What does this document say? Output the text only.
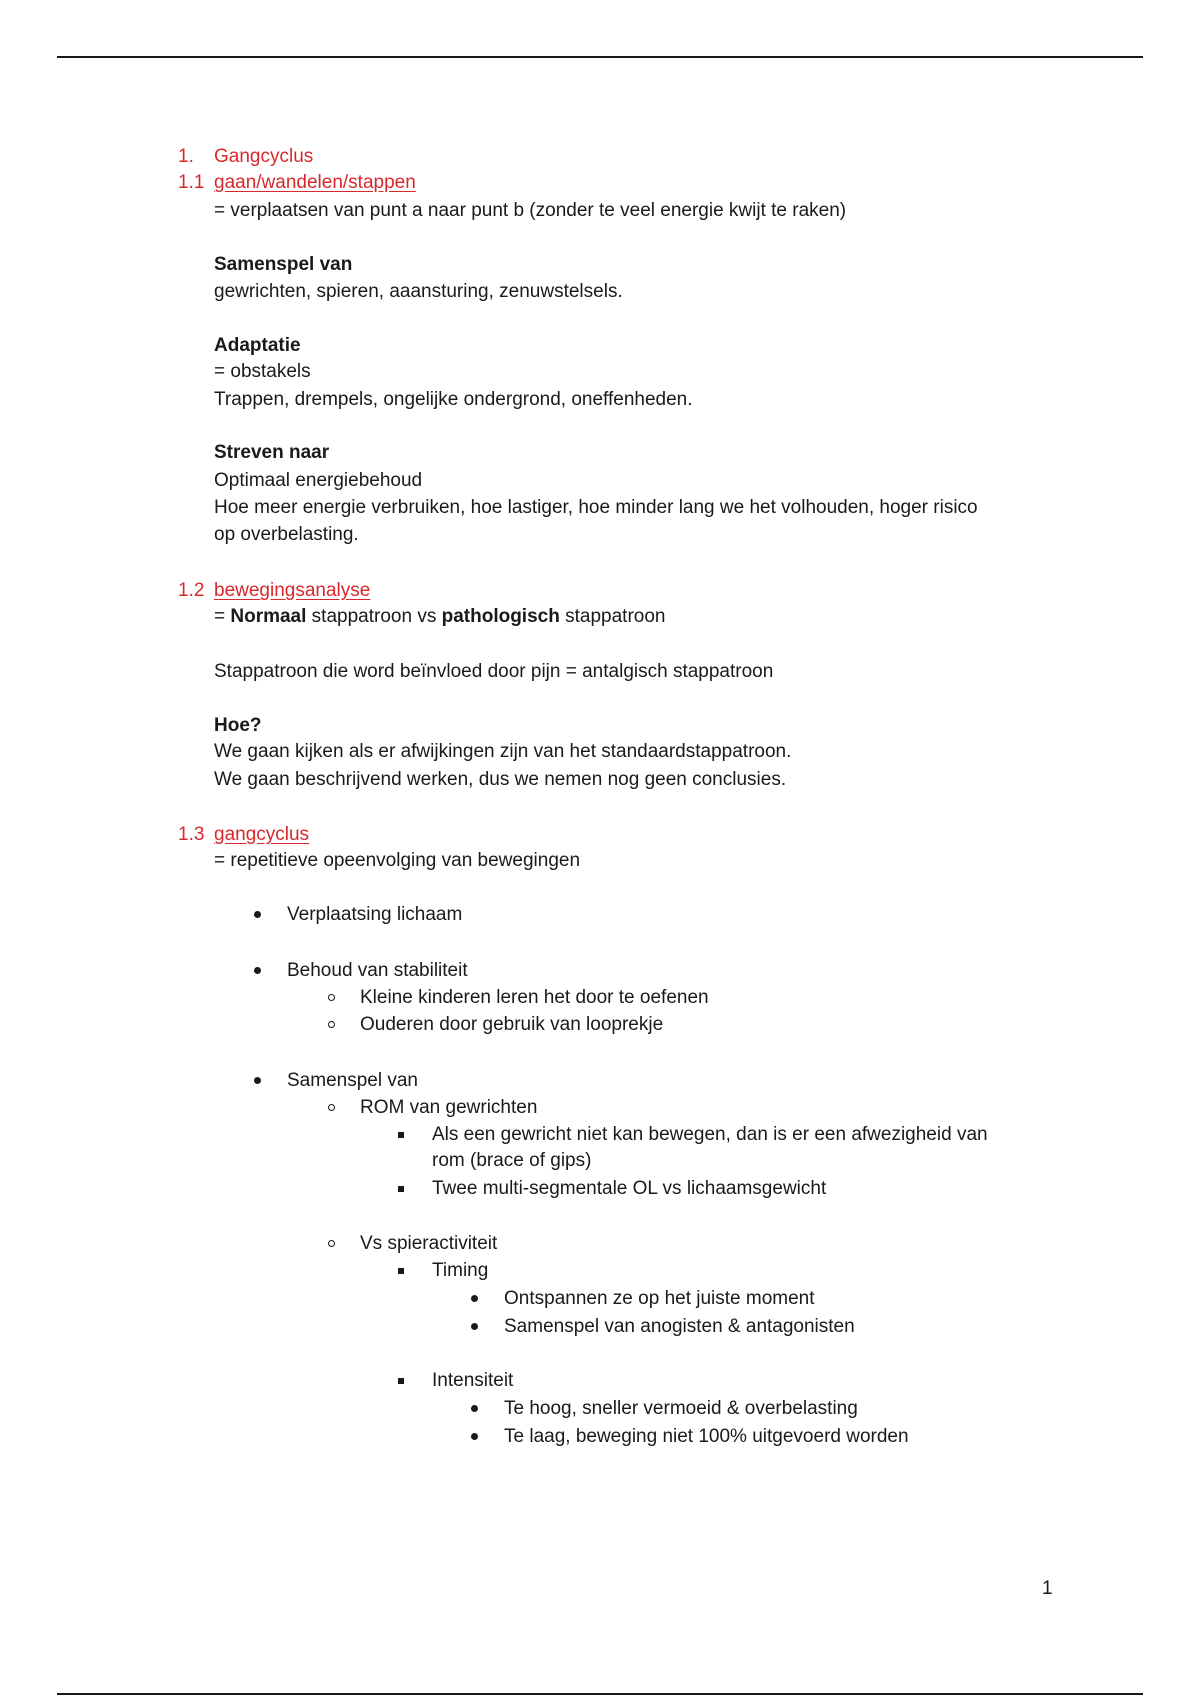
1. Gangcyclus
1.1 gaan/wandelen/stappen
= verplaatsen van punt a naar punt b (zonder te veel energie kwijt te raken)
Samenspel van
gewrichten, spieren, aaansturing, zenuwstelsels.
Adaptatie
= obstakels
Trappen, drempels, ongelijke ondergrond, oneffenheden.
Streven naar
Optimaal energiebehoud
Hoe meer energie verbruiken, hoe lastiger, hoe minder lang we het volhouden, hoger risico
op overbelasting.
1.2 bewegingsanalyse
= Normaal stappatroon vs pathologisch stappatroon
Stappatroon die word beïnvloed door pijn = antalgisch stappatroon
Hoe?
We gaan kijken als er afwijkingen zijn van het standaardstappatroon.
We gaan beschrijvend werken, dus we nemen nog geen conclusies.
1.3 gangcyclus
= repetitieve opeenvolging van bewegingen
Verplaatsing lichaam
Behoud van stabiliteit
Kleine kinderen leren het door te oefenen
Ouderen door gebruik van looprekje
Samenspel van
ROM van gewrichten
Als een gewricht niet kan bewegen, dan is er een afwezigheid van
rom (brace of gips)
Twee multi-segmentale OL vs lichaamsgewicht
Vs spieractiviteit
Timing
Ontspannen ze op het juiste moment
Samenspel van anogisten & antagonisten
Intensiteit
Te hoog, sneller vermoeid & overbelasting
Te laag, beweging niet 100% uitgevoerd worden
1
